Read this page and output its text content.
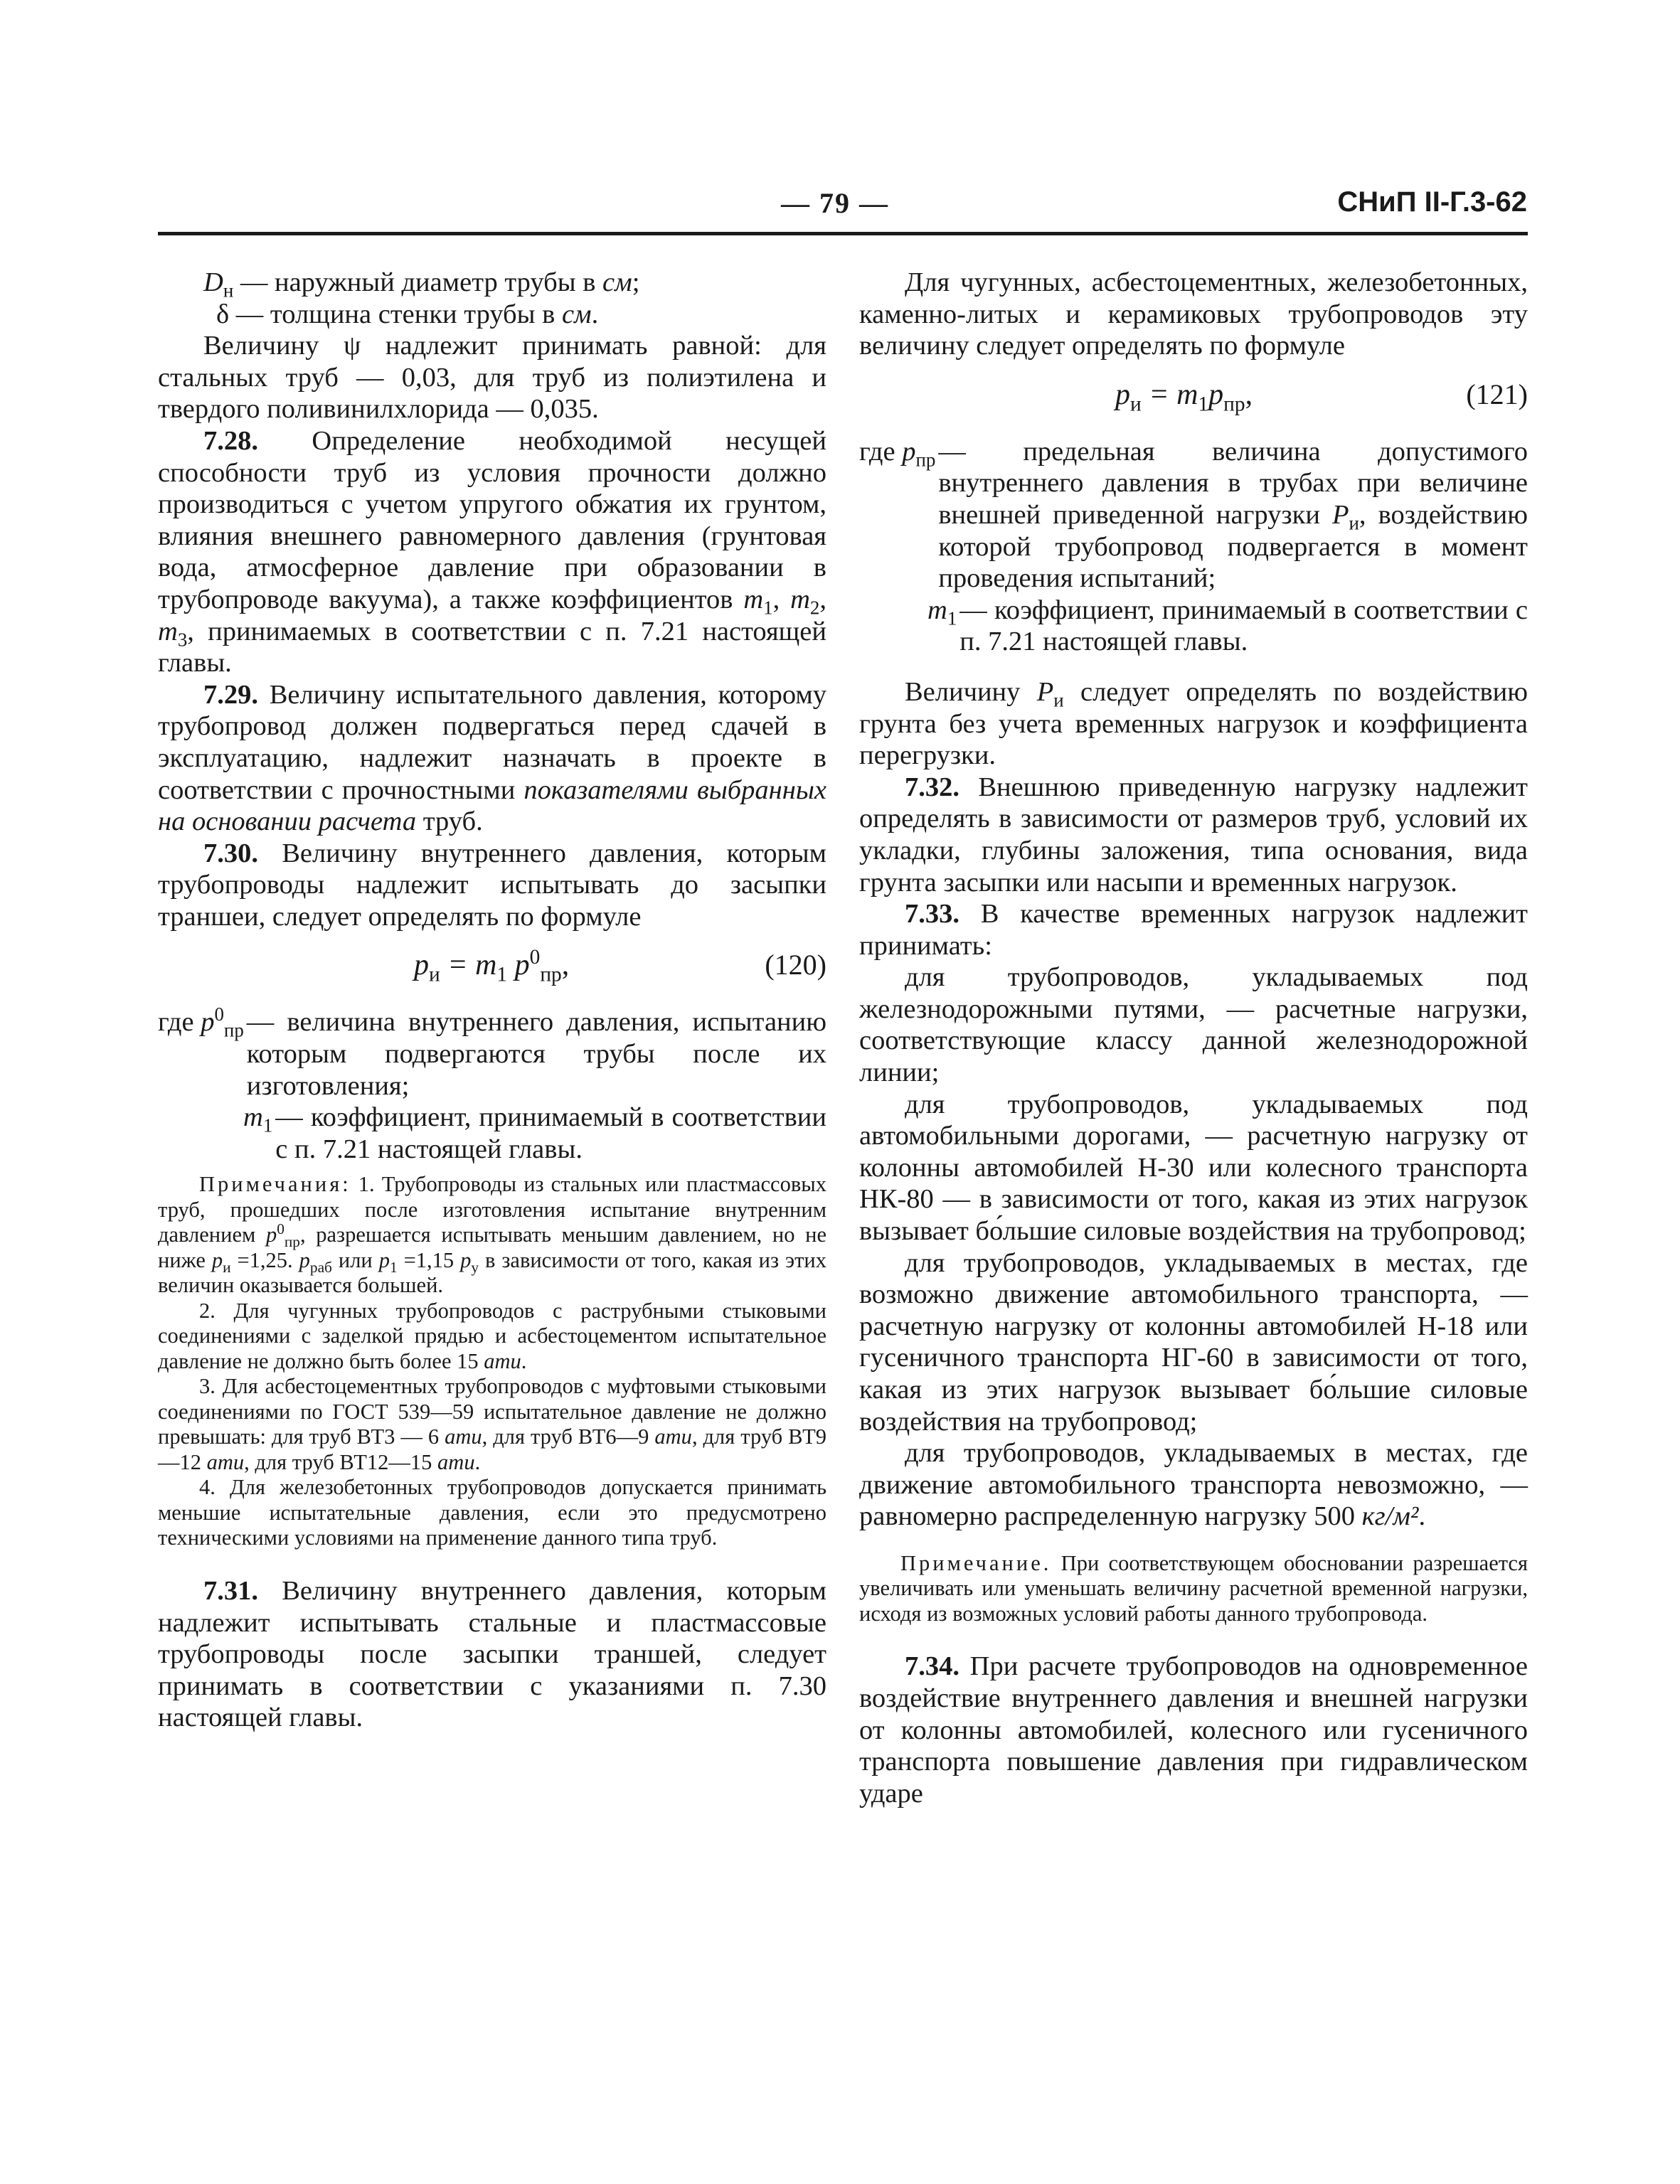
— 79 —	СНиП II-Г.3-62

$D_н$ — наружный диаметр трубы в см;

δ — толщина стенки трубы в см.

Величину ψ надлежит принимать равной: для стальных труб — 0,03, для труб из полиэтилена и твердого поливинилхлорида — 0,035.

7.28. Определение необходимой несущей способности труб из условия прочности должно производиться с учетом упругого обжатия их грунтом, влияния внешнего равномерного давления (грунтовая вода, атмосферное давление при образовании в трубопроводе вакуума), а также коэффициентов $m_1$, $m_2$, $m_3$, принимаемых в соответствии с п. 7.21 настоящей главы.

7.29. Величину испытательного давления, которому трубопровод должен подвергаться перед сдачей в эксплуатацию, надлежит назначать в проекте в соответствии с прочностными показателями выбранных на основании расчета труб.

7.30. Величину внутреннего давления, которым трубопроводы надлежит испытывать до засыпки траншеи, следует определять по формуле

$p_и = m_1$ $p^0_{пр}$,	(120)
где $p^0_{пр}$ — величина внутреннего давления, испытанию которым подвергаются трубы после их изготовления;
$m_1$ — коэффициент, принимаемый в соответствии с п. 7.21 настоящей главы.

Примечания: 1. Трубопроводы из стальных или пластмассовых труб, прошедших после изготовления испытание внутренним давлением $p^0_{пр}$, разрешается испытывать меньшим давлением, но не ниже $p_и =1,25$. $p_{раб}$ или $p_1 =1,15$ $p_у$ в зависимости от того, какая из этих величин оказывается большей.

2. Для чугунных трубопроводов с раструбными стыковыми соединениями с заделкой прядью и асбестоцементом испытательное давление не должно быть более 15 ати.

3. Для асбестоцементных трубопроводов с муфтовыми стыковыми соединениями по ГОСТ 539—59 испытательное давление не должно превышать: для труб ВТ3 — 6 ати, для труб ВТ6—9 ати, для труб ВТ9—12 ати, для труб ВТ12—15 ати.

4. Для железобетонных трубопроводов допускается принимать меньшие испытательные давления, если это предусмотрено техническими условиями на применение данного типа труб.

7.31. Величину внутреннего давления, которым надлежит испытывать стальные и пластмассовые трубопроводы после засыпки траншей, следует принимать в соответствии с указаниями п. 7.30 настоящей главы.

Для чугунных, асбестоцементных, железобетонных, каменно-литых и керамиковых трубопроводов эту величину следует определять по формуле

$p_и = m_1p_{пр}$,	(121)
где $p_{пр}$ — предельная величина допустимого внутреннего давления в трубах при величине внешней приведенной нагрузки $P_и$, воздействию которой трубопровод подвергается в момент проведения испытаний;
$m_1$ — коэффициент, принимаемый в соответствии с п. 7.21 настоящей главы.

Величину $P_и$ следует определять по воздействию грунта без учета временных нагрузок и коэффициента перегрузки.

7.32. Внешнюю приведенную нагрузку надлежит определять в зависимости от размеров труб, условий их укладки, глубины заложения, типа основания, вида грунта засыпки или насыпи и временных нагрузок.

7.33. В качестве временных нагрузок надлежит принимать:

для трубопроводов, укладываемых под железнодорожными путями, — расчетные нагрузки, соответствующие классу данной железнодорожной линии;

для трубопроводов, укладываемых под автомобильными дорогами, — расчетную нагрузку от колонны автомобилей Н-30 или колесного транспорта НК-80 — в зависимости от того, какая из этих нагрузок вызывает бо́льшие силовые воздействия на трубопровод;

для трубопроводов, укладываемых в местах, где возможно движение автомобильного транспорта, — расчетную нагрузку от колонны автомобилей Н-18 или гусеничного транспорта НГ-60 в зависимости от того, какая из этих нагрузок вызывает бо́льшие силовые воздействия на трубопровод;

для трубопроводов, укладываемых в местах, где движение автомобильного транспорта невозможно, — равномерно распределенную нагрузку 500 кг/м².

Примечание. При соответствующем обосновании разрешается увеличивать или уменьшать величину расчетной временной нагрузки, исходя из возможных условий работы данного трубопровода.

7.34. При расчете трубопроводов на одновременное воздействие внутреннего давления и внешней нагрузки от колонны автомобилей, колесного или гусеничного транспорта повышение давления при гидравлическом ударе
